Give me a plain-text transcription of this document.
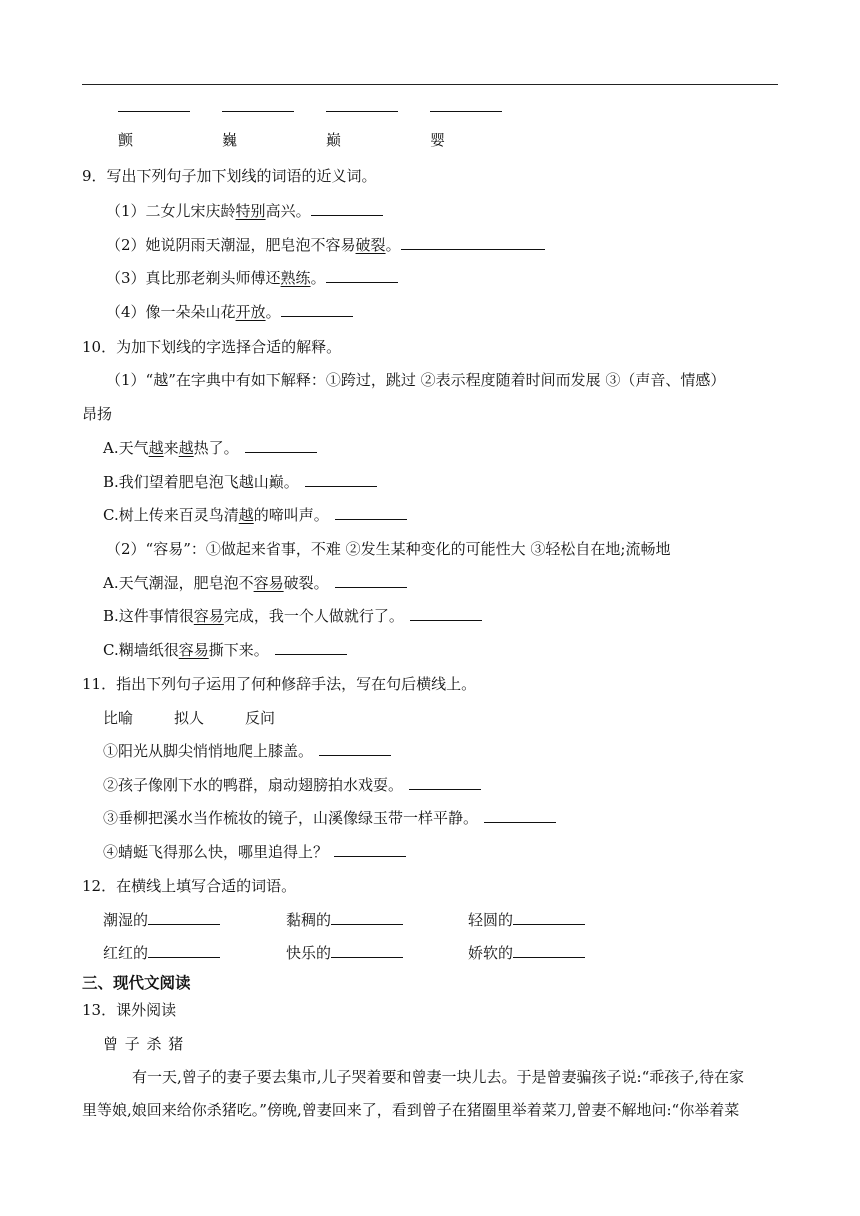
颤	巍	巅	婴
9．写出下列句子加下划线的词语的近义词。
（1）二女儿宋庆龄特别高兴。
（2）她说阴雨天潮湿，肥皂泡不容易破裂。
（3）真比那老剃头师傅还熟练。
（4）像一朵朵山花开放。
10．为加下划线的字选择合适的解释。
（1）“越”在字典中有如下解释：①跨过，跳过 ②表示程度随着时间而发展 ③（声音、情感）
昂扬
A.天气越来越热了。
B.我们望着肥皂泡飞越山巅。
C.树上传来百灵鸟清越的啼叫声。
（2）“容易”：①做起来省事，不难 ②发生某种变化的可能性大 ③轻松自在地;流畅地
A.天气潮湿，肥皂泡不容易破裂。
B.这件事情很容易完成，我一个人做就行了。
C.糊墙纸很容易撕下来。
11．指出下列句子运用了何种修辞手法，写在句后横线上。
比喻	拟人	反问
①阳光从脚尖悄悄地爬上膝盖。
②孩子像刚下水的鸭群，扇动翅膀拍水戏耍。
③垂柳把溪水当作梳妆的镜子，山溪像绿玉带一样平静。
④蜻蜓飞得那么快，哪里追得上？
12．在横线上填写合适的词语。
潮湿的	黏稠的	轻圆的
红红的	快乐的	娇软的
三、现代文阅读
13．课外阅读
曾 子 杀 猪
有一天,曾子的妻子要去集市,儿子哭着要和曾妻一块儿去。于是曾妻骗孩子说:“乖孩子,待在家
里等娘,娘回来给你杀猪吃。”傍晚,曾妻回来了，看到曾子在猪圈里举着菜刀,曾妻不解地问:“你举着菜
